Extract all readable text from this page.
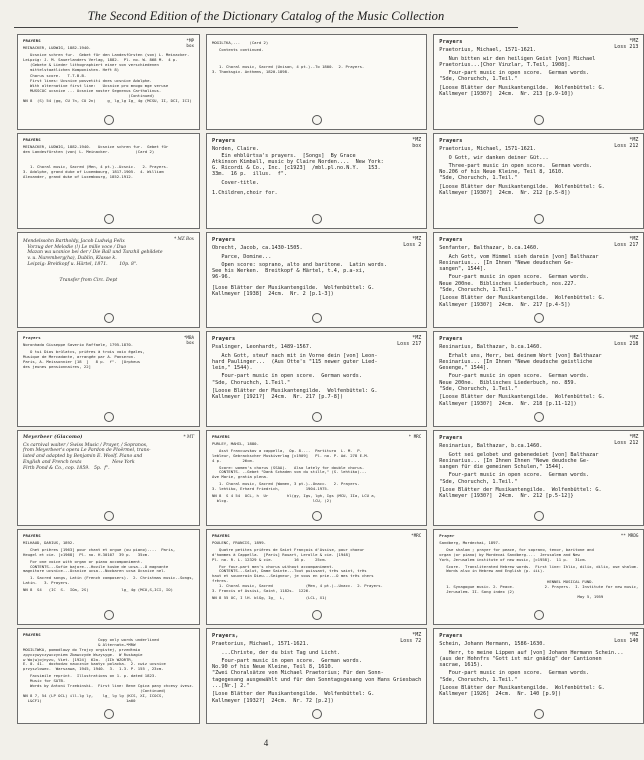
The Second Edition of the Dictionary Catalog of the Music Collection
*MP
box
PRAYERS
MEINACKER, LUDWIG, 1882-1940.
Ucsnice schren fur.  Gebet für den Landesfürsten (von) L. Meinacker.
Leipzig: J. M. Sauerlanders Verlag, 1882.  Pl. no. W. 868 M.  4 p.
(Gebete & Lieder lithographiert einer von verschiedenen
mittelstaatlichen Komponisten. Heft 8)
Chorus score.   T.T.B.B.
First lines: Ucsnice posvetiti dnes ucsnice Adolphe.
With alternative first line:   Ucsnice pro mnogo mge veruse
MUSSCOC ucsnice ... Ucsnice noster Segnenus Carthalinus.
(Continued)
NN 8  (S) 54 (gq, CU 7n, CU 2n)     g_ lg_lg Ig_ 4g (MCSU, II, DCI, ICI)
MOGILTKA,...    (Card 2)
Contents continued.
1. Choral music, Sacred (Unison, 4 pt.)--To 1800.  2. Prayers.
3. Thanksgiv. Anthems, 1820-1898.
*MZ
Loss 213
Prayers
Praetorius, Michael, 1571-1621.
Nun bitten wir den heiligen Geist [von] Michael
Praetorius...[Chor Vinzlar, T.Teil, 1908].
Four-part music in open score.  German words.
"Sde, Choruchch, 1.Teil."
[Loose Blätter der Musikantengilde.  Wolfenbüttel: G.
Kallmeyer [1930?]  24cm.  Nr. 213 [p.9-10])
PRAYERS
MEINACKER, LUDWIG, 1882-1940.   Ucsnice schren fur.  Gebet für
den Landesfürsten (von) L. Meinacker.           (Card 2)
1. Choral music, Sacred (Men, 4 pt.)--Ucsnic.   2. Prayers.
3. Adolphe, grand duke of Luxembourg, 1817-1905.  4. William
Alexander, grand duke of Luxembourg, 1852-1912.
*MZ
box
Prayers
Norden, Claire.
Ein ehblürtsa's prayers.  [Songs]  By Grace
Atkinson Kimball, music by Claire Norden....  New York:
G. Ricordi & Co., Inc. [c1923]  /mbl.pl.no.N.Y.   153.
33m.  16 p.  illus.  f".
Cover-title.
1.Children,choir for.
*MZ
Loss 212
Prayers
Praetorius, Michael, 1571-1621.
O Gott, wir danken deiner Güt...
Three-part music in open score.  German words.
No.206 of his Neue Kleine, Teil 8, 1610.
"Sde, Choruchch, 1.Teil."
[Loose Blätter der Musikantengilde.  Wolfenbüttel: G.
Kallmeyer [1930?]  24cm.  Nr. 212 [p.5-8])
* MZ Box
Mendelssohn Bartholdy, Jacob Ludwig Felix
Vorzug der Melodie (!) Le mille voce / Duo
Mazan wa ucsnice bei der / Die Ball und Tanzhil gebildete
v. u. Nuremberg(ha), Dublin, Klasse k.
Leipzig: Breitkopf u. Härtel, 1871.        10p. 8".
Transfer from Circ. Dept
*MZ
Loss 2
Prayers
Obrecht, Jacob, ca.1430-1505.
Parce, Domine...
Open score: soprano, alto and baritone.  Latin words.
See his Werken.  Breitkopf & Härtel, t.4, p.a-xi,
96-96.
[Lose Blätter der Musikantengilde.  Wolfenbüttel: G.
Kallmeyer [1938]  24cm.  Nr. 2 [p.1-3])
*MZ
Loss 217
Prayers
Senfanter, Balthazar, b.ca.1460.
Ach Gott, vom Himmel sieh darein [von] Balthazar
Resinarius... [In Ihnen "Newe deudschen Ge-
sangen", 1544].
Four-part music in open score.  German words.
Neue 200ne.  Biblisches Liederbuch, nos.227.
"Sde, Choruchch, 1.Teil."
[Loose Blätter der Musikantengilde.  Wolfenbüttel: G.
Kallmeyer [1930?]  24cm.  Nr. 217 [p.4-5])
*MBA
box
Prayers
Noronhada Giuseppe Saverio Raffaele, 1795-1870.
O tui Dios brûlatcs, prières à trois voix égales,
Musique de Mercadante, arrangée par A. Panseron.
Paris, A. Meissonnier [18  ]   8 p.  f".  [Orpheus
des jeunes pensionnaires, 22]
*MZ
Loss 217
Prayers
Psalinger, Leonhardt, 1489-1567.
Ach Gott, steuf nach mit in Vorne dein [von] Leon-
hard Paulinger...  (Aus Otte's "115 newer guter Lied-
lein," 1544).
Four-part music in open score.  German words.
"Sde, Choruchch, 1.Teil."
[Loose Blätter der Musikantengilde.  Wolfenbüttel: G.
Kallmeyer [1921?]  24cm.  Nr. 217 [p.7-8])
*MZ
Loss 218
Prayers
Resinarius, Balthazar, b.ca.1460.
Erhalt uns, Herr, bei deinem Wort [von] Balthazar
Resinarius... [In Ihnen "Newe deudsche geistliche
Gesenge," 1544].
Four-part music in open score.  German words.
Neue 200ne.  Biblisches Liederbuch, no. 859.
"Sde, Choruchch, 1.Teil."
[Loose Blätter der Musikantengilde.  Wolfenbüttel: G.
Kallmeyer [1930?]  24cm.  Nr. 218 [p.11-12])
* MT
Meyerbeer (Giacomo)
Cs carnival waiter / Swiss Music / Prayer, / Sopranos,
from Meyerbeer's opera Le Pardon de Ploërmel, trans-
lated and adapted by Benjamin E. Woolf. Piano and
English and French texts                     New York
Firth Pond & Co., cop. 1859.   5p.  f".
* MRC
PRAYERS
PURLEY, MAHIL, 1880-
Asst Francuzskov a cappella,  Op. 8....  Partitura  L. M.  P.
lebleur, Gebrackscher Muskiverlag [c1909]   Pl. no. P. Ad. 278 E.M.
4 p.         26cm.
Score: women's chorus (SSAA).   Also lately for double chorus.
CONTENTS. --Gebet "Dank Schaden von du stille," (S. lehtiko).--
Ave Marie, gratia plena.
1. Choral music, Sacred (Women, 3 pt.)--Unacc.   2. Prayers.
3. lehtiko, Erhard Friedrich,           1904-1975.
NN 8  S 4 54  OCL, h  Ur        hl(gy, Igs, lgh, Igs (MCU, IIa, LCU a,
blcg.                                    lCU, (2)
*MZ
Loss 212
Prayers
Resinarius, Balthazar, b.ca.1460.
Gott sei gelobet und gebenedeiet [von] Balthazar
Resinarius... [In Ihnen Ihnen "Newe deudsche Ge-
sangen für die gemeinen Schulen," 1544].
Four-part music in open score.  German words.
"Sde, Choruchch, 1.Teil."
[Lose Blätter der Musikantengilde.  Wolfenbüttel: G.
Kallmeyer [1930?]  24cm.  Nr. 212 [p.5-12]}
PRAYERS
MILHAUD, DARIUS, 1892-
Chet prières [1963] pour chant et orgue (ou piano)....  Paris,
Heugel et cie. [c1968]  Pl. no. H.30107  39 p.   35cm.
For one voice with organ or piano accompaniment.
CONTENTS.--Sofie bajore.--Hovile kusbe de ucsa.--O magnante
magnitore ucsnice.--Ucsnice ucsa.--Nocbaren ucsa Ucsnice nel.
1. Sacred songs, Latin (French composers).  2. Christmas music--Songs,
Latin.   3. Prayers.
NN 8  S4   (IC  S.  IOa, 2S)              lg_ 4g (MCU,S,ICI, IO)
*MRC
PRAYERS
POULENC, FRANCIS, 1899-
Quatre petites prières de Saint François d'Assise, pour choeur
d'hommes à Cappella.  [Paris] Rouart, Lerolle & cie. [1948]
Pl. no. R. L. 12329 & cie.         16 p.    25cm.
For four-part men's chorus without accompaniment.
CONTENTS.--Salut, Dame Sainte.--Tout puissant, très saint, très
haut et souverain Dieu.--Seigneur, je vous en prie.--O mes très chers
frères.
1. Choral music, Sacred              (Men, 4 pt.)--Unacc.  2. Prayers.
3. Francis of Assisi, Saint, 1182s-  1226.
NN 8 55 OC, I lH. blGg, Ig_  L,         (LCL, X1)
** MRDG
Prayer
Sandberg, Mordechai, 1897-
Ose shalom ; prayer for peace, for soprano, tenor, baritone and
organ (or piano) by Mordecai Sandberg....  Jerusalem and New
York, Jerusalem institute of new music, [c1958].  11 p.   31cm.
Score.  Transliterated Hebrew words.  First line: Ihlix, dilix, dilix, ose shalom.
Words also in Hebrew and English (p. iii).
HENNEL MUSICAL FUND.
1. Synagogue music. 2. Peace.             2. Prayers.  I. Institute for new music,
Jerusalem. II. Song index (2)
May 5, 1959
PRAYERS
Copy only words underlined
& Alternate—*MRW
MOGILTWKA, pomodlowy do Trojcy orgistej, przedtmio
zpyczywyczywczyniem Zbawczyde Wszysyge.  W Ruskagie
w Wo(w)ojnyzu, Viet. [1924]  62a.  (IIh WZORTR,
E. 0. 41.  dochodzo naucznie kaatyc polacka.  2. cwiz ucsnice
przyszlowec.  Warszawa, 1945, 1940.  3.  1.3. P. 155 , 23cm.
Facsimile reprint.  Illustrations on 1. p. dated 1823.
Music for SATB.
Words by Antoni Trzebinski.  First line: Bene Cgica pany chcesy ivesz.
(Continued)
NN 8 7, 54 (LP OCL) ill-lg ly,    lg_ lg lg (KCS, XI, ICOCS,
L&CF1)                                    1a00
*MZ
Loss 72
Prayers,
Praetorius, Michael, 1571-1621.
...Christe, der du bist Tag und Licht.
Four-part music in open score.  German words.
No.90 of his Neue Kleine, Teil 8, 1610.
"Zwei Choralsätze von Michael Praetorius; Für den Sonn-
tagegesang ausgewählt und für den Sonntagsgesang von Hans Griesbach
...[Nr.] 2."
[Lose Blätter der Musikantengilde.  Wolfenbüttel: G.
Kallmeyer [1932?]  24cm.  Nr. 72 [p.2])
*MZ
Loss 140
Prayers
Schein, Johann Hermann, 1586-1630.
Herr, to meine Lippen auf [von] Johann Hermann Schein...
(aus der Hohnfrs "Gott ist mir gnädig" der Cantionen
sacrae, 1615).
Four-part music in open score.  German words.
"Sde, Choruchch, 1.Teil."
[Loose Blätter der Musikantengilde.  Wolfenbüttel: G.
Kallmeyer [1926]  24cm.  Nr. 140 [p.9])
4
